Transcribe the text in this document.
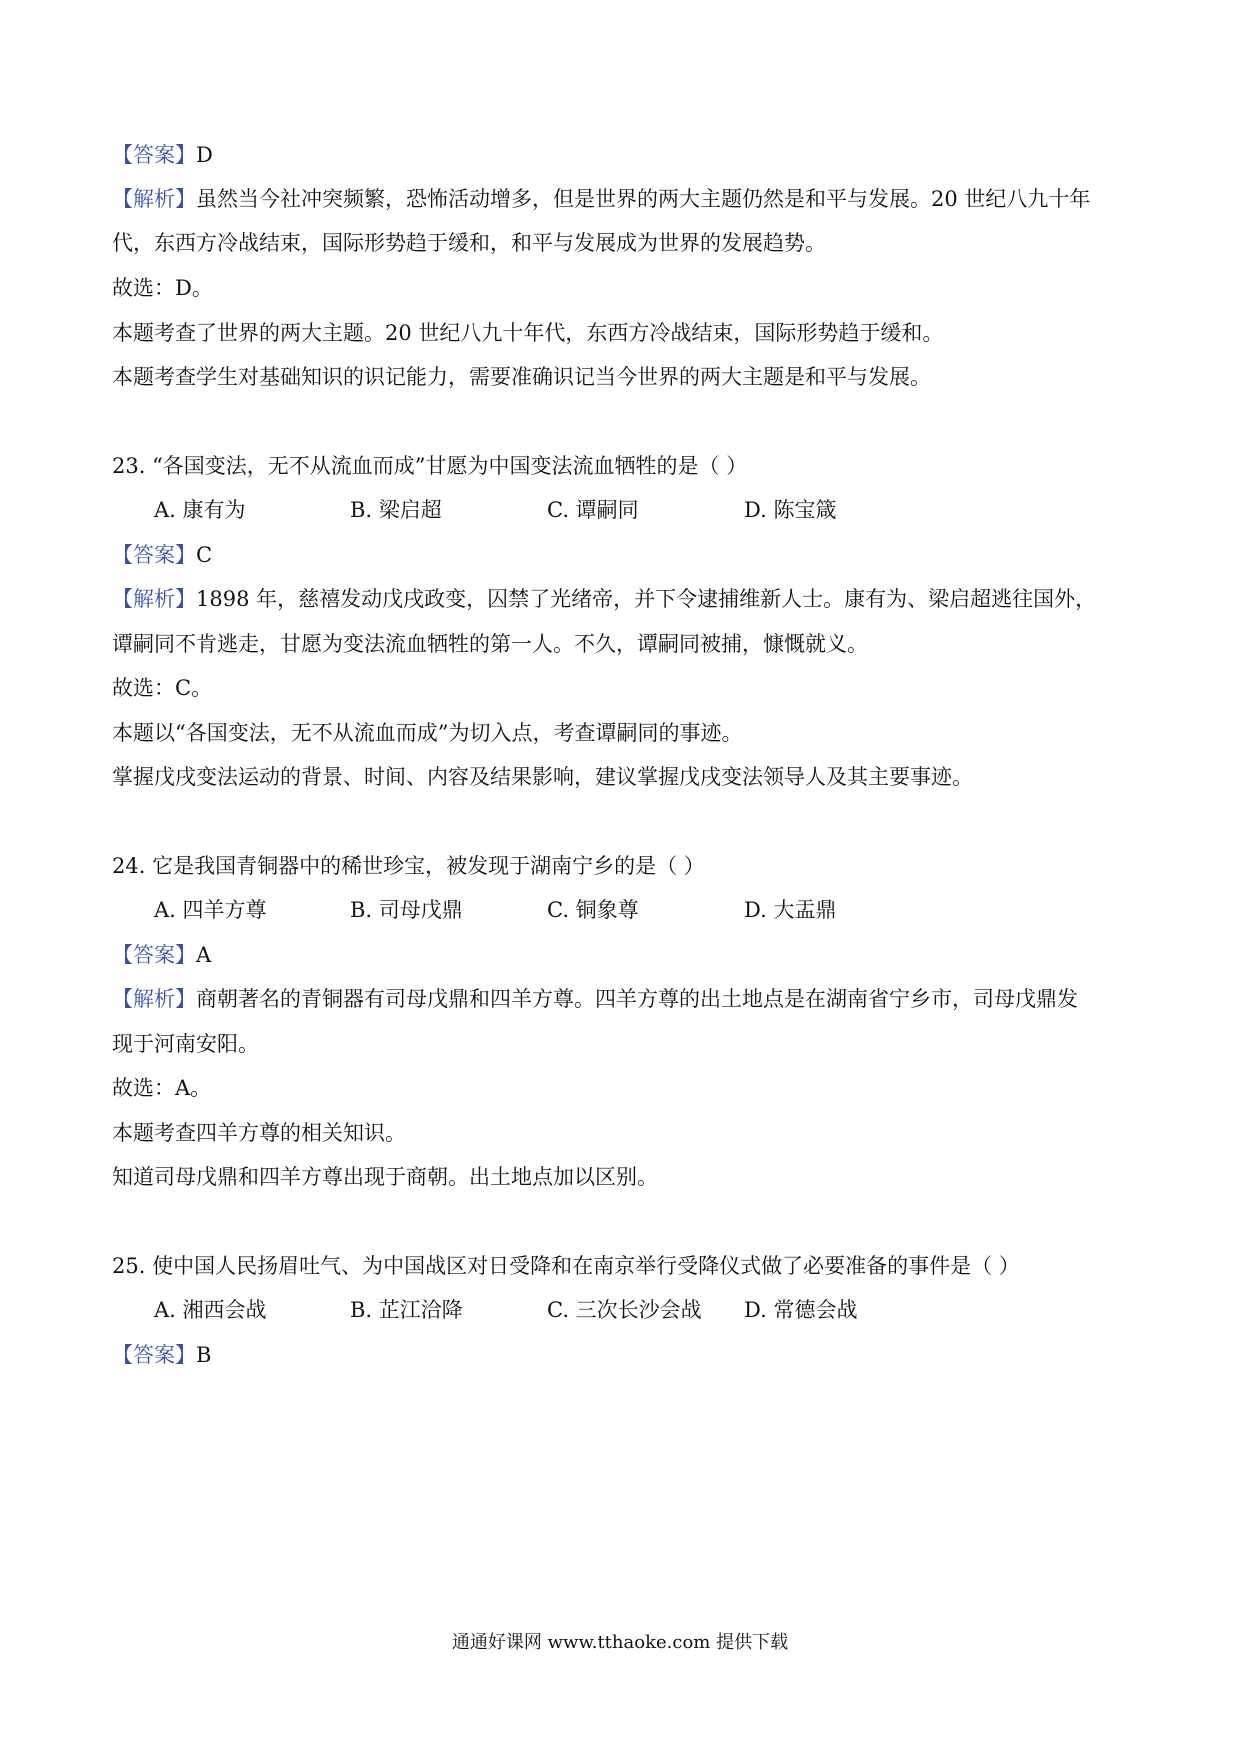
【答案】D
【解析】虽然当今社冲突频繁，恐怖活动增多，但是世界的两大主题仍然是和平与发展。20 世纪八九十年
代，东西方冷战结束，国际形势趋于缓和，和平与发展成为世界的发展趋势。
故选：D。
本题考查了世界的两大主题。20 世纪八九十年代，东西方冷战结束，国际形势趋于缓和。
本题考查学生对基础知识的识记能力，需要准确识记当今世界的两大主题是和平与发展。
23. “各国变法，无不从流血而成”甘愿为中国变法流血牺牲的是（ ）
A. 康有为	B. 梁启超	C. 谭嗣同	D. 陈宝箴
【答案】C
【解析】1898 年，慈禧发动戊戌政变，囚禁了光绪帝，并下令逮捕维新人士。康有为、梁启超逃往国外，
谭嗣同不肯逃走，甘愿为变法流血牺牲的第一人。不久，谭嗣同被捕，慷慨就义。
故选：C。
本题以“各国变法，无不从流血而成”为切入点，考查谭嗣同的事迹。
掌握戊戌变法运动的背景、时间、内容及结果影响，建议掌握戊戌变法领导人及其主要事迹。
24. 它是我国青铜器中的稀世珍宝，被发现于湖南宁乡的是（ ）
A. 四羊方尊	B. 司母戊鼎	C. 铜象尊	D. 大盂鼎
【答案】A
【解析】商朝著名的青铜器有司母戊鼎和四羊方尊。四羊方尊的出土地点是在湖南省宁乡市，司母戊鼎发
现于河南安阳。
故选：A。
本题考查四羊方尊的相关知识。
知道司母戊鼎和四羊方尊出现于商朝。出土地点加以区别。
25. 使中国人民扬眉吐气、为中国战区对日受降和在南京举行受降仪式做了必要准备的事件是（ ）
A. 湘西会战	B. 芷江洽降	C. 三次长沙会战 D. 常德会战
【答案】B
通通好课网 www.tthaoke.com 提供下载
